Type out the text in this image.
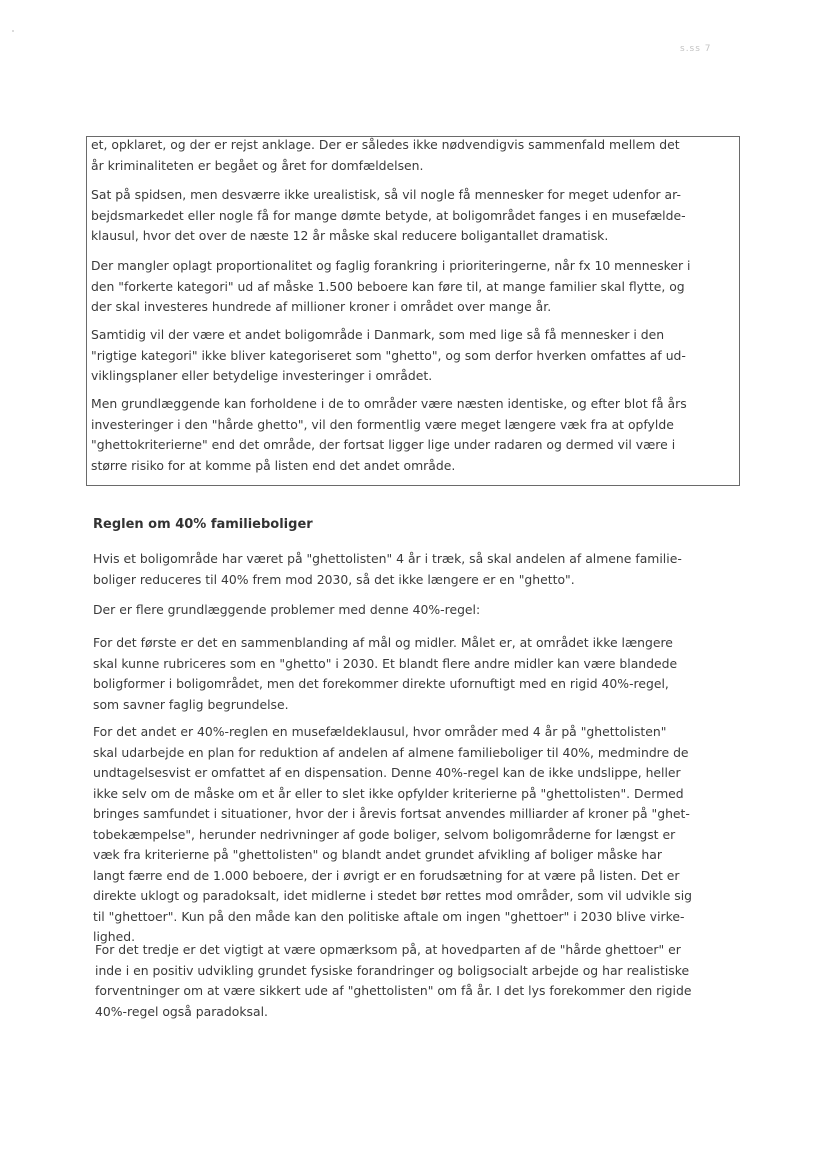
s.ss 7

et, opklaret, og der er rejst anklage. Der er således ikke nødvendigvis sammenfald mellem det
år kriminaliteten er begået og året for domfældelsen.

Sat på spidsen, men desværre ikke urealistisk, så vil nogle få mennesker for meget udenfor ar-
bejdsmarkedet eller nogle få for mange dømte betyde, at boligområdet fanges i en musefælde-
klausul, hvor det over de næste 12 år måske skal reducere boligantallet dramatisk.

Der mangler oplagt proportionalitet og faglig forankring i prioriteringerne, når fx 10 mennesker i
den "forkerte kategori" ud af måske 1.500 beboere kan føre til, at mange familier skal flytte, og
der skal investeres hundrede af millioner kroner i området over mange år.

Samtidig vil der være et andet boligområde i Danmark, som med lige så få mennesker i den
"rigtige kategori" ikke bliver kategoriseret som "ghetto", og som derfor hverken omfattes af ud-
viklingsplaner eller betydelige investeringer i området.

Men grundlæggende kan forholdene i de to områder være næsten identiske, og efter blot få års
investeringer i den "hårde ghetto", vil den formentlig være meget længere væk fra at opfylde
"ghettokriterierne" end det område, der fortsat ligger lige under radaren og dermed vil være i
større risiko for at komme på listen end det andet område.

Reglen om 40% familieboliger

Hvis et boligområde har været på "ghettolisten" 4 år i træk, så skal andelen af almene familie-
boliger reduceres til 40% frem mod 2030, så det ikke længere er en "ghetto".

Der er flere grundlæggende problemer med denne 40%-regel:

For det første er det en sammenblanding af mål og midler. Målet er, at området ikke længere
skal kunne rubriceres som en "ghetto" i 2030. Et blandt flere andre midler kan være blandede
boligformer i boligområdet, men det forekommer direkte ufornuftigt med en rigid 40%-regel,
som savner faglig begrundelse.

For det andet er 40%-reglen en musefældeklausul, hvor områder med 4 år på "ghettolisten"
skal udarbejde en plan for reduktion af andelen af almene familieboliger til 40%, medmindre de
undtagelsesvist er omfattet af en dispensation. Denne 40%-regel kan de ikke undslippe, heller
ikke selv om de måske om et år eller to slet ikke opfylder kriterierne på "ghettolisten". Dermed
bringes samfundet i situationer, hvor der i årevis fortsat anvendes milliarder af kroner på "ghet-
tobekæmpelse", herunder nedrivninger af gode boliger, selvom boligområderne for længst er
væk fra kriterierne på "ghettolisten" og blandt andet grundet afvikling af boliger måske har
langt færre end de 1.000 beboere, der i øvrigt er en forudsætning for at være på listen. Det er
direkte uklogt og paradoksalt, idet midlerne i stedet bør rettes mod områder, som vil udvikle sig
til "ghettoer". Kun på den måde kan den politiske aftale om ingen "ghettoer" i 2030 blive virke-
lighed.

For det tredje er det vigtigt at være opmærksom på, at hovedparten af de "hårde ghettoer" er
inde i en positiv udvikling grundet fysiske forandringer og boligsocialt arbejde og har realistiske
forventninger om at være sikkert ude af "ghettolisten" om få år. I det lys forekommer den rigide
40%-regel også paradoksal.
